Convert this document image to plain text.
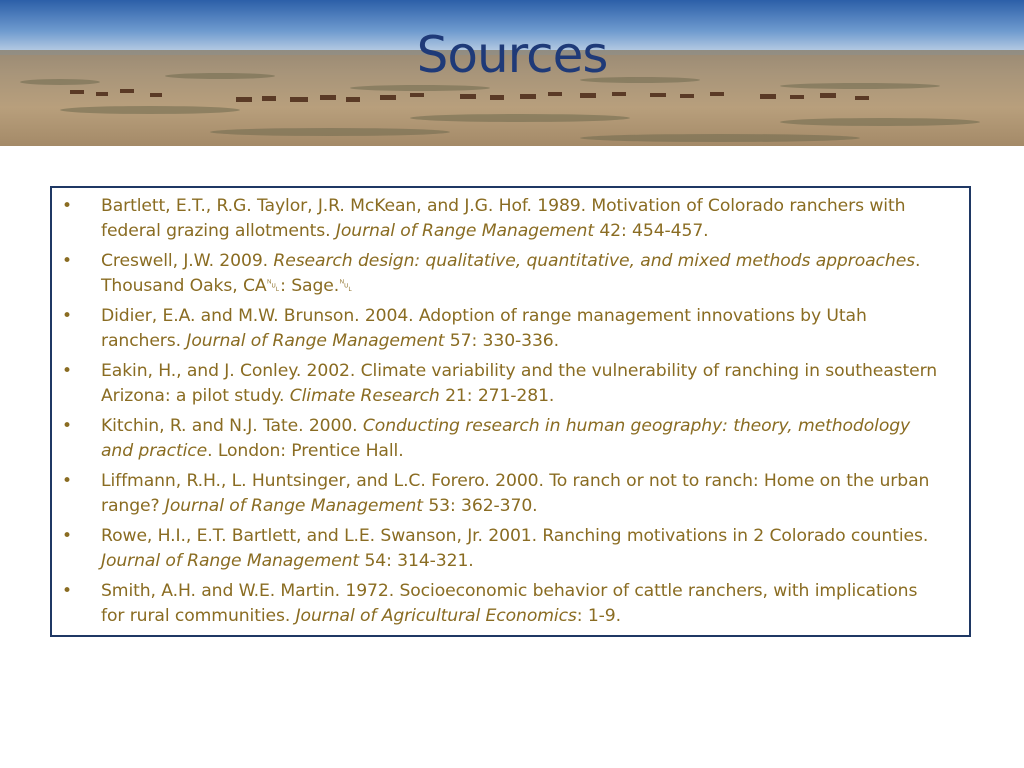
Sources
• Bartlett, E.T., R.G. Taylor, J.R. McKean, and J.G. Hof. 1989. Motivation of Colorado ranchers with federal grazing allotments. Journal of Range Management 42: 454-457.
• Creswell, J.W. 2009. Research design: qualitative, quantitative, and mixed methods approaches. Thousand Oaks, CA␀: Sage.␀
• Didier, E.A. and M.W. Brunson. 2004. Adoption of range management innovations by Utah ranchers. Journal of Range Management 57: 330-336.
• Eakin, H., and J. Conley. 2002. Climate variability and the vulnerability of ranching in southeastern Arizona: a pilot study. Climate Research 21: 271-281.
• Kitchin, R. and N.J. Tate. 2000. Conducting research in human geography: theory, methodology and practice. London: Prentice Hall.
• Liffmann, R.H., L. Huntsinger, and L.C. Forero. 2000. To ranch or not to ranch: Home on the urban range? Journal of Range Management 53: 362-370.
• Rowe, H.I., E.T. Bartlett, and L.E. Swanson, Jr. 2001. Ranching motivations in 2 Colorado counties. Journal of Range Management 54: 314-321.
• Smith, A.H. and W.E. Martin. 1972. Socioeconomic behavior of cattle ranchers, with implications for rural communities. Journal of Agricultural Economics: 1-9.
